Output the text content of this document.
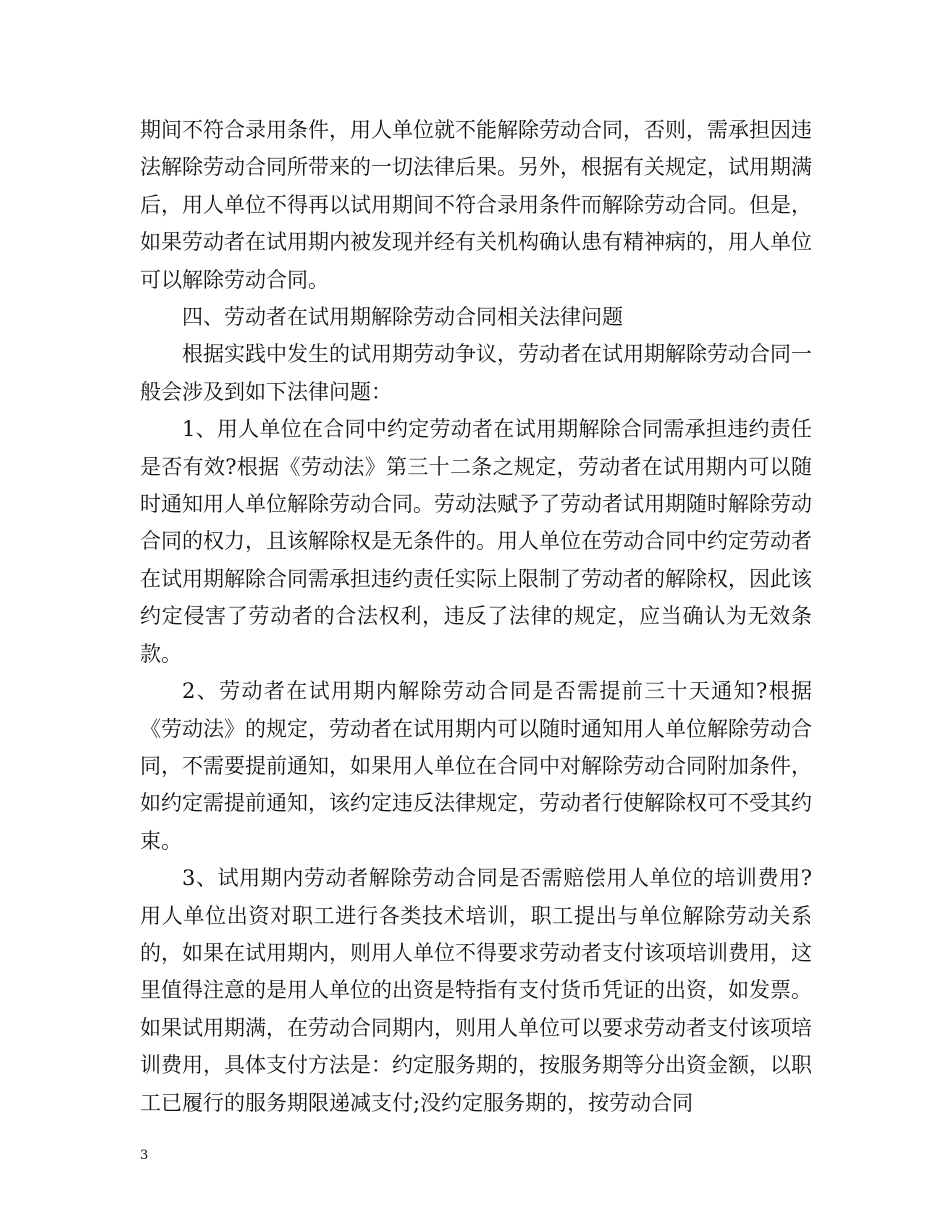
期间不符合录用条件，用人单位就不能解除劳动合同，否则，需承担因违法解除劳动合同所带来的一切法律后果。另外，根据有关规定，试用期满后，用人单位不得再以试用期间不符合录用条件而解除劳动合同。但是，如果劳动者在试用期内被发现并经有关机构确认患有精神病的，用人单位可以解除劳动合同。

四、劳动者在试用期解除劳动合同相关法律问题

根据实践中发生的试用期劳动争议，劳动者在试用期解除劳动合同一般会涉及到如下法律问题：

1、用人单位在合同中约定劳动者在试用期解除合同需承担违约责任是否有效?根据《劳动法》第三十二条之规定，劳动者在试用期内可以随时通知用人单位解除劳动合同。劳动法赋予了劳动者试用期随时解除劳动合同的权力，且该解除权是无条件的。用人单位在劳动合同中约定劳动者在试用期解除合同需承担违约责任实际上限制了劳动者的解除权，因此该约定侵害了劳动者的合法权利，违反了法律的规定，应当确认为无效条款。

2、劳动者在试用期内解除劳动合同是否需提前三十天通知?根据《劳动法》的规定，劳动者在试用期内可以随时通知用人单位解除劳动合同，不需要提前通知，如果用人单位在合同中对解除劳动合同附加条件，如约定需提前通知，该约定违反法律规定，劳动者行使解除权可不受其约束。

3、试用期内劳动者解除劳动合同是否需赔偿用人单位的培训费用?用人单位出资对职工进行各类技术培训，职工提出与单位解除劳动关系的，如果在试用期内，则用人单位不得要求劳动者支付该项培训费用，这里值得注意的是用人单位的出资是特指有支付货币凭证的出资，如发票。如果试用期满，在劳动合同期内，则用人单位可以要求劳动者支付该项培训费用，具体支付方法是：约定服务期的，按服务期等分出资金额，以职工已履行的服务期限递减支付;没约定服务期的，按劳动合同

3
